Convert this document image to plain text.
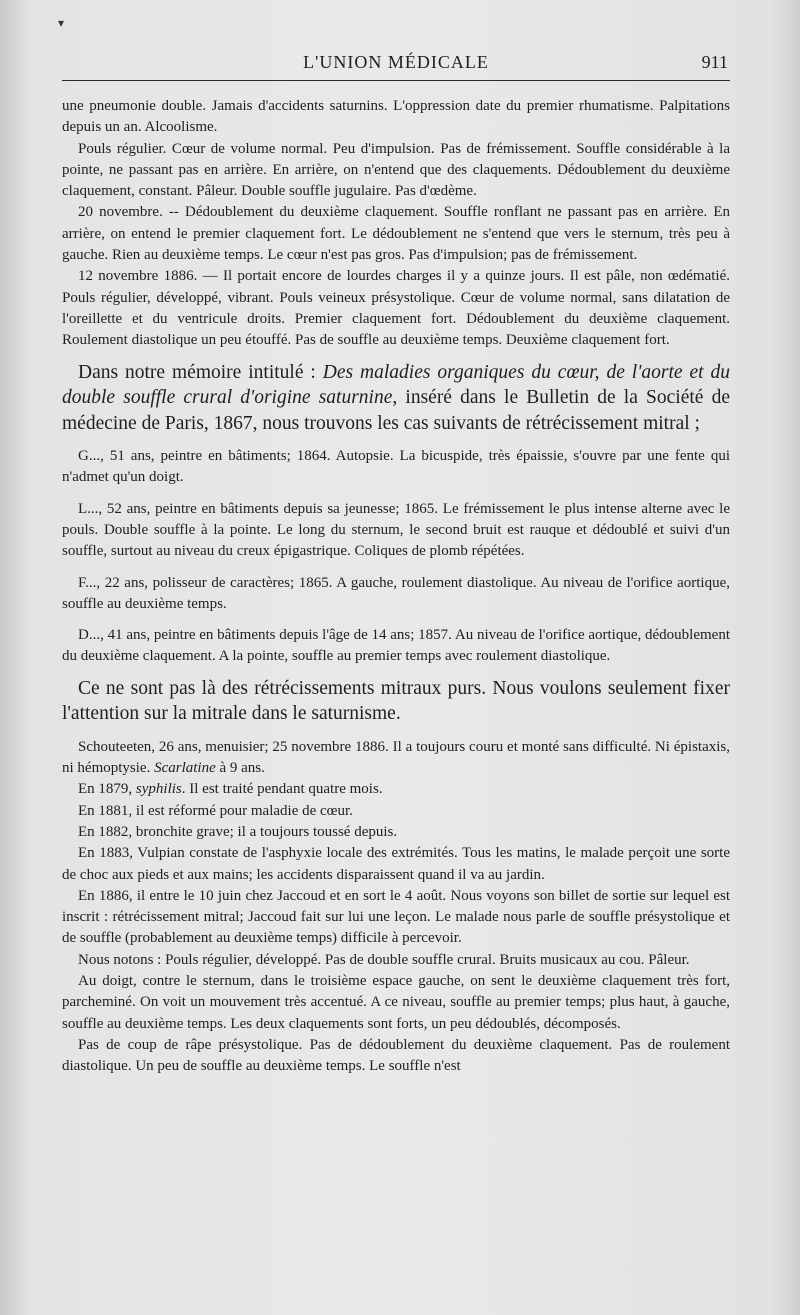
▾
L'UNION MÉDICALE	911

une pneumonie double. Jamais d'accidents saturnins. L'oppression date du premier rhumatisme. Palpitations depuis un an. Alcoolisme.

Pouls régulier. Cœur de volume normal. Peu d'impulsion. Pas de frémissement. Souffle considérable à la pointe, ne passant pas en arrière. En arrière, on n'entend que des claquements. Dédoublement du deuxième claquement, constant. Pâleur. Double souffle jugulaire. Pas d'œdème.

20 novembre. -- Dédoublement du deuxième claquement. Souffle ronflant ne passant pas en arrière. En arrière, on entend le premier claquement fort. Le dédoublement ne s'entend que vers le sternum, très peu à gauche. Rien au deuxième temps. Le cœur n'est pas gros. Pas d'impulsion; pas de frémissement.

12 novembre 1886. — Il portait encore de lourdes charges il y a quinze jours. Il est pâle, non œdématié. Pouls régulier, développé, vibrant. Pouls veineux présystolique. Cœur de volume normal, sans dilatation de l'oreillette et du ventricule droits. Premier claquement fort. Dédoublement du deuxième claquement. Roulement diastolique un peu étouffé. Pas de souffle au deuxième temps. Deuxième claquement fort.

Dans notre mémoire intitulé : Des maladies organiques du cœur, de l'aorte et du double souffle crural d'origine saturnine, inséré dans le Bulletin de la Société de médecine de Paris, 1867, nous trouvons les cas suivants de rétrécissement mitral ;

G..., 51 ans, peintre en bâtiments; 1864. Autopsie. La bicuspide, très épaissie, s'ouvre par une fente qui n'admet qu'un doigt.

L..., 52 ans, peintre en bâtiments depuis sa jeunesse; 1865. Le frémissement le plus intense alterne avec le pouls. Double souffle à la pointe. Le long du sternum, le second bruit est rauque et dédoublé et suivi d'un souffle, surtout au niveau du creux épigastrique. Coliques de plomb répétées.

F..., 22 ans, polisseur de caractères; 1865. A gauche, roulement diastolique. Au niveau de l'orifice aortique, souffle au deuxième temps.

D..., 41 ans, peintre en bâtiments depuis l'âge de 14 ans; 1857. Au niveau de l'orifice aortique, dédoublement du deuxième claquement. A la pointe, souffle au premier temps avec roulement diastolique.

Ce ne sont pas là des rétrécissements mitraux purs. Nous voulons seulement fixer l'attention sur la mitrale dans le saturnisme.

Schouteeten, 26 ans, menuisier; 25 novembre 1886. Il a toujours couru et monté sans difficulté. Ni épistaxis, ni hémoptysie. Scarlatine à 9 ans.

En 1879, syphilis. Il est traité pendant quatre mois.

En 1881, il est réformé pour maladie de cœur.

En 1882, bronchite grave; il a toujours toussé depuis.

En 1883, Vulpian constate de l'asphyxie locale des extrémités. Tous les matins, le malade perçoit une sorte de choc aux pieds et aux mains; les accidents disparaissent quand il va au jardin.

En 1886, il entre le 10 juin chez Jaccoud et en sort le 4 août. Nous voyons son billet de sortie sur lequel est inscrit : rétrécissement mitral; Jaccoud fait sur lui une leçon. Le malade nous parle de souffle présystolique et de souffle (probablement au deuxième temps) difficile à percevoir.

Nous notons : Pouls régulier, développé. Pas de double souffle crural. Bruits musicaux au cou. Pâleur.

Au doigt, contre le sternum, dans le troisième espace gauche, on sent le deuxième claquement très fort, parcheminé. On voit un mouvement très accentué. A ce niveau, souffle au premier temps; plus haut, à gauche, souffle au deuxième temps. Les deux claquements sont forts, un peu dédoublés, décomposés.

Pas de coup de râpe présystolique. Pas de dédoublement du deuxième claquement. Pas de roulement diastolique. Un peu de souffle au deuxième temps. Le souffle n'est
